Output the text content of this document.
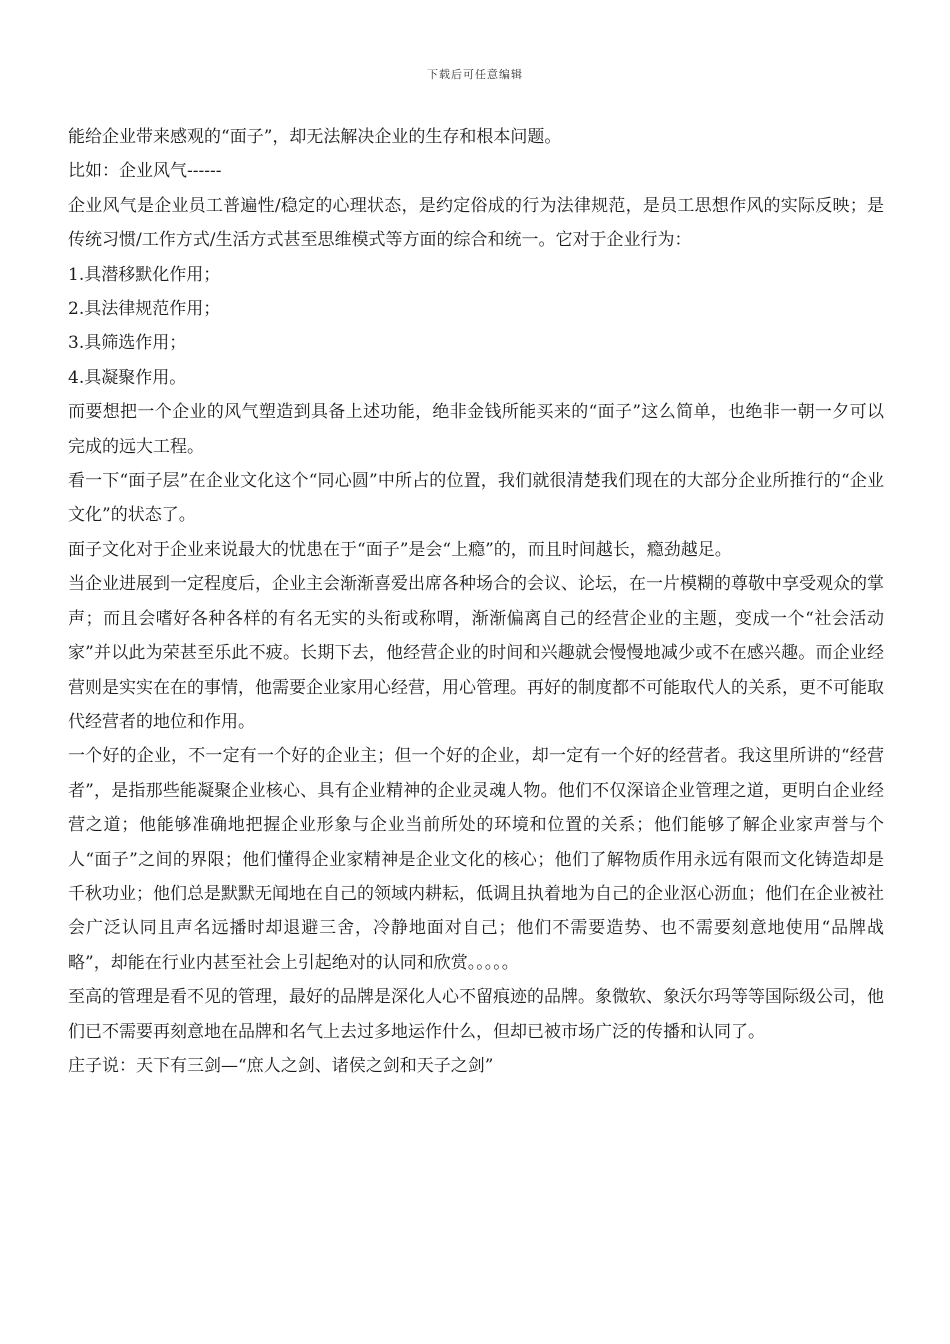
下载后可任意编辑

能给企业带来感观的“面子”，却无法解决企业的生存和根本问题。

比如：企业风气------

企业风气是企业员工普遍性/稳定的心理状态，是约定俗成的行为法律规范，是员工思想作风的实际反映；是传统习惯/工作方式/生活方式甚至思维模式等方面的综合和统一。它对于企业行为：

1.具潜移默化作用；

2.具法律规范作用；

3.具筛选作用；

4.具凝聚作用。

而要想把一个企业的风气塑造到具备上述功能，绝非金钱所能买来的“面子”这么简单，也绝非一朝一夕可以完成的远大工程。

看一下“面子层”在企业文化这个“同心圆”中所占的位置，我们就很清楚我们现在的大部分企业所推行的“企业文化”的状态了。

面子文化对于企业来说最大的忧患在于“面子”是会“上瘾”的，而且时间越长，瘾劲越足。

当企业进展到一定程度后，企业主会渐渐喜爱出席各种场合的会议、论坛，在一片模糊的尊敬中享受观众的掌声；而且会嗜好各种各样的有名无实的头衔或称喟，渐渐偏离自己的经营企业的主题，变成一个“社会活动家”并以此为荣甚至乐此不疲。长期下去，他经营企业的时间和兴趣就会慢慢地减少或不在感兴趣。而企业经营则是实实在在的事情，他需要企业家用心经营，用心管理。再好的制度都不可能取代人的关系，更不可能取代经营者的地位和作用。

一个好的企业，不一定有一个好的企业主；但一个好的企业，却一定有一个好的经营者。我这里所讲的“经营者”，是指那些能凝聚企业核心、具有企业精神的企业灵魂人物。他们不仅深谙企业管理之道，更明白企业经营之道；他能够准确地把握企业形象与企业当前所处的环境和位置的关系；他们能够了解企业家声誉与个人“面子”之间的界限；他们懂得企业家精神是企业文化的核心；他们了解物质作用永远有限而文化铸造却是千秋功业；他们总是默默无闻地在自己的领域内耕耘，低调且执着地为自己的企业沤心沥血；他们在企业被社会广泛认同且声名远播时却退避三舍，冷静地面对自己；他们不需要造势、也不需要刻意地使用“品牌战略”，却能在行业内甚至社会上引起绝对的认同和欣赏。。。。。

至高的管理是看不见的管理，最好的品牌是深化人心不留痕迹的品牌。象微软、象沃尔玛等等国际级公司，他们已不需要再刻意地在品牌和名气上去过多地运作什么，但却已被市场广泛的传播和认同了。

庄子说：天下有三剑—“庶人之剑、诸侯之剑和天子之剑”
